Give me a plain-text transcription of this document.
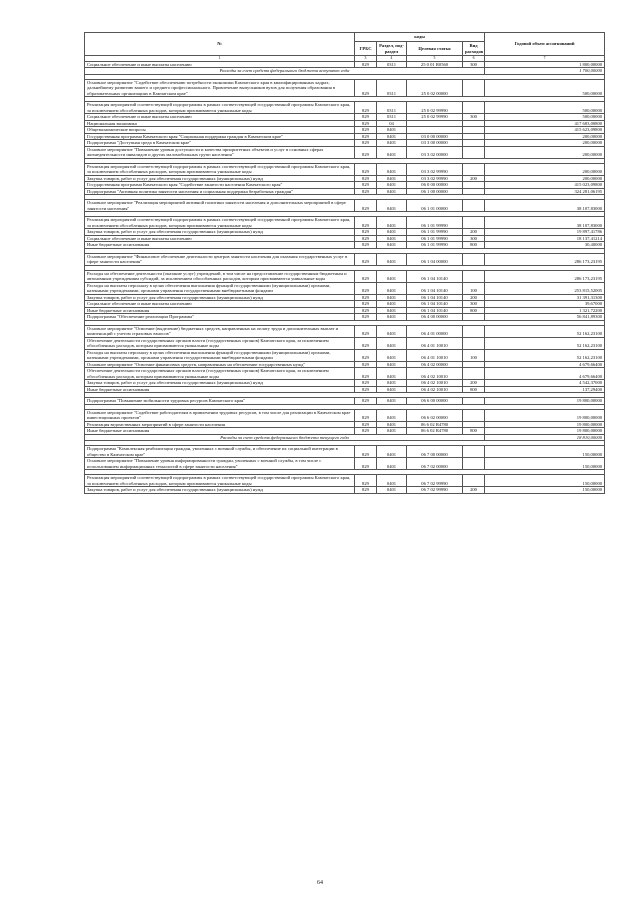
№	коды				Годовой объем ассигнований
	ГРБС	Раздел, под-раздел	Целевая статья	Вид расходов	
1	3	4	5	6	7
Социальное обеспечение и иные выплаты населению	829	0311	25 0 01 R0560	300	1 800,00000
Расходы за счет средств федерального бюджета вступают года					1 700,00000

Основное мероприятие "Содействие обеспечению потребности экономики Камчатского края в квалифицированных кадрах, дальнейшему развитию вашего и среднего профессионального. Привлечение выпускников вузов для получения образования в образовательных организациях в Камчатском крае"	829	0311	25 0 02 00000		500,00000

Реализация мероприятий соответствующей подпрограммы в рамках соответствующей государственной программы Камчатского края, за исключением обособленных расходов, которым присваиваются уникальные коды	829	0311	25 0 02 99990		500,00000
Социальное обеспечение и иные выплаты населению	829	0311	25 0 02 99990	300	500,00000
Национальная экономика	829	04			417 683,00800
Общеэкономические вопросы	829	0401			415 623,09800
Государственная программа Камчатского края "Социальная поддержка граждан в Камчатском крае"	829	0401	03 0 00 00000		200,00000
Подпрограмма "Доступная среда в Камчатском крае"	829	0401	03 3 00 00000		200,00000
Основное мероприятие "Повышение уровня доступности и качества приоритетных объектов и услуг в основных сферах жизнедеятельности инвалидов и других маломобильных групп населения"	829	0401	03 3 02 00000		200,00000

Реализация мероприятий соответствующей подпрограммы в рамках соответствующей государственной программы Камчатского края, за исключением обособленных расходов, которым присваиваются уникальные коды	829	0401	03 3 02 99990		200,00000
Закупка товаров, работ и услуг для обеспечения государственных (муниципальных) нужд	829	0401	03 3 02 99990	200	200,00000
Государственная программа Камчатского края "Содействие занятости населения Камчатского края"	829	0401	06 0 00 00000		415 023,09800
Подпрограмма "Активная политика занятости населения и социальная поддержка безработных граждан"	829	0401	06 1 00 00000		324 281,06195

Основное мероприятие "Реализация мероприятий активной политики занятости населения и дополнительных мероприятий в сфере занятости населения"	829	0401	06 1 01 00000		38 107,83000

Реализация мероприятий соответствующей подпрограммы в рамках соответствующей государственной программы Камчатского края, за исключением обособленных расходов, которым присваиваются уникальные коды	829	0401	06 1 01 99990		38 107,83000
Закупка товаров, работ и услуг для обеспечения государственных (муниципальных) нужд	829	0401	06 1 01 99990	200	19 897,41786
Социальное обеспечение и иные выплаты населению	829	0401	06 1 01 99990	300	18 137,41214
Иные бюджетные ассигнования	829	0401	06 1 01 99990	800	30,40000

Основное мероприятие "Финансовое обеспечение деятельности центров занятости населения для оказания государственных услуг в сфере занятости населения"	829	0401	06 1 04 00000		286 173,23195

Расходы на обеспечение деятельности (оказание услуг) учреждений, в том числе на предоставление государственным бюджетным и автономным учреждениям субсидий, за исключением обособленных расходов, которым присваиваются уникальные коды	829	0401	06 1 04 10140		286 173,23195
Расходы на выплаты персоналу в целях обеспечения выполнения функций государственными (муниципальными) органами, казенными учреждениями, органами управления государственными внебюджетными фондами	829	0401	06 1 04 10140	100	253 815,52005
Закупка товаров, работ и услуг для обеспечения государственных (муниципальных) нужд	829	0401	06 1 04 10140	200	31 391,31300
Социальное обеспечение и иные выплаты населению	829	0401	06 1 04 10140	300	39,67000
Иные бюджетные ассигнования	829	0401	06 1 04 10140	800	1 321,72200
Подпрограмма "Обеспечение реализации Программы"	829	0401	06 4 00 00000		56 841,89300

Основное мероприятие "Освоение (выделение) бюджетных средств, направленных на оплату труда и дополнительных выплат и компенсаций с учетом страховых взносов"	829	0401	06 4 01 00000		52 162,23100
Обеспечение деятельности государственных органов власти (государственных органов) Камчатского края, за исключением обособленных расходов, которым присваиваются уникальные коды	829	0401	06 4 01 10010		52 162,23100
Расходы на выплаты персоналу в целях обеспечения выполнения функций государственными (муниципальными) органами, казенными учреждениями, органами управления государственными внебюджетными фондами	829	0401	06 4 01 10010	100	52 162,23100
Основное мероприятие "Освоение финансовых средств, направленных на обеспечение государственных нужд"	829	0401	06 4 02 00000		4 679,66400
Обеспечение деятельности государственных органов власти (государственных органов) Камчатского края, за исключением обособленных расходов, которым присваиваются уникальные коды	829	0401	06 4 02 10010		4 679,66400
Закупка товаров, работ и услуг для обеспечения государственных (муниципальных) нужд	829	0401	06 4 02 10010	200	4 542,37000
Иные бюджетные ассигнования	829	0401	06 4 02 10010	800	137,29400

Подпрограмма "Повышение мобильности трудовых ресурсов Камчатского края"	829	0401	06 6 00 00000		19 800,00000

Основное мероприятие "Содействие работодателям в привлечении трудовых ресурсов, в том числе для реализации в Камчатском крае инвестиционных проектов"	829	0401	06 6 02 00000		19 800,00000
Реализация ведомственных мероприятий в сфере занятости населения	829	0401	06 6 02 R4780		19 800,00000
Иные бюджетные ассигнования	829	0401	06 6 02 R4780	800	19 800,00000
Расходы за счет средств федерального бюджета текущего года					18 810,00000

Подпрограмма "Комплексная реабилитация граждан, уволенных с военной службы, и обеспечение их социальной интеграции в общество в Камчатском крае"	829	0401	06 7 00 00000		150,00000
Основное мероприятие "Повышение уровня информированности граждан, уволенных с военной службы, в том числе с использованием информационных технологий в сфере занятости населения"	829	0401	06 7 02 00000		150,00000

Реализация мероприятий соответствующей подпрограммы в рамках соответствующей государственной программы Камчатского края, за исключением обособленных расходов, которым присваиваются уникальные коды	829	0401	06 7 02 99990		150,00000
Закупка товаров, работ и услуг для обеспечения государственных (муниципальных) нужд	829	0401	06 7 02 99990	200	150,00000
64
